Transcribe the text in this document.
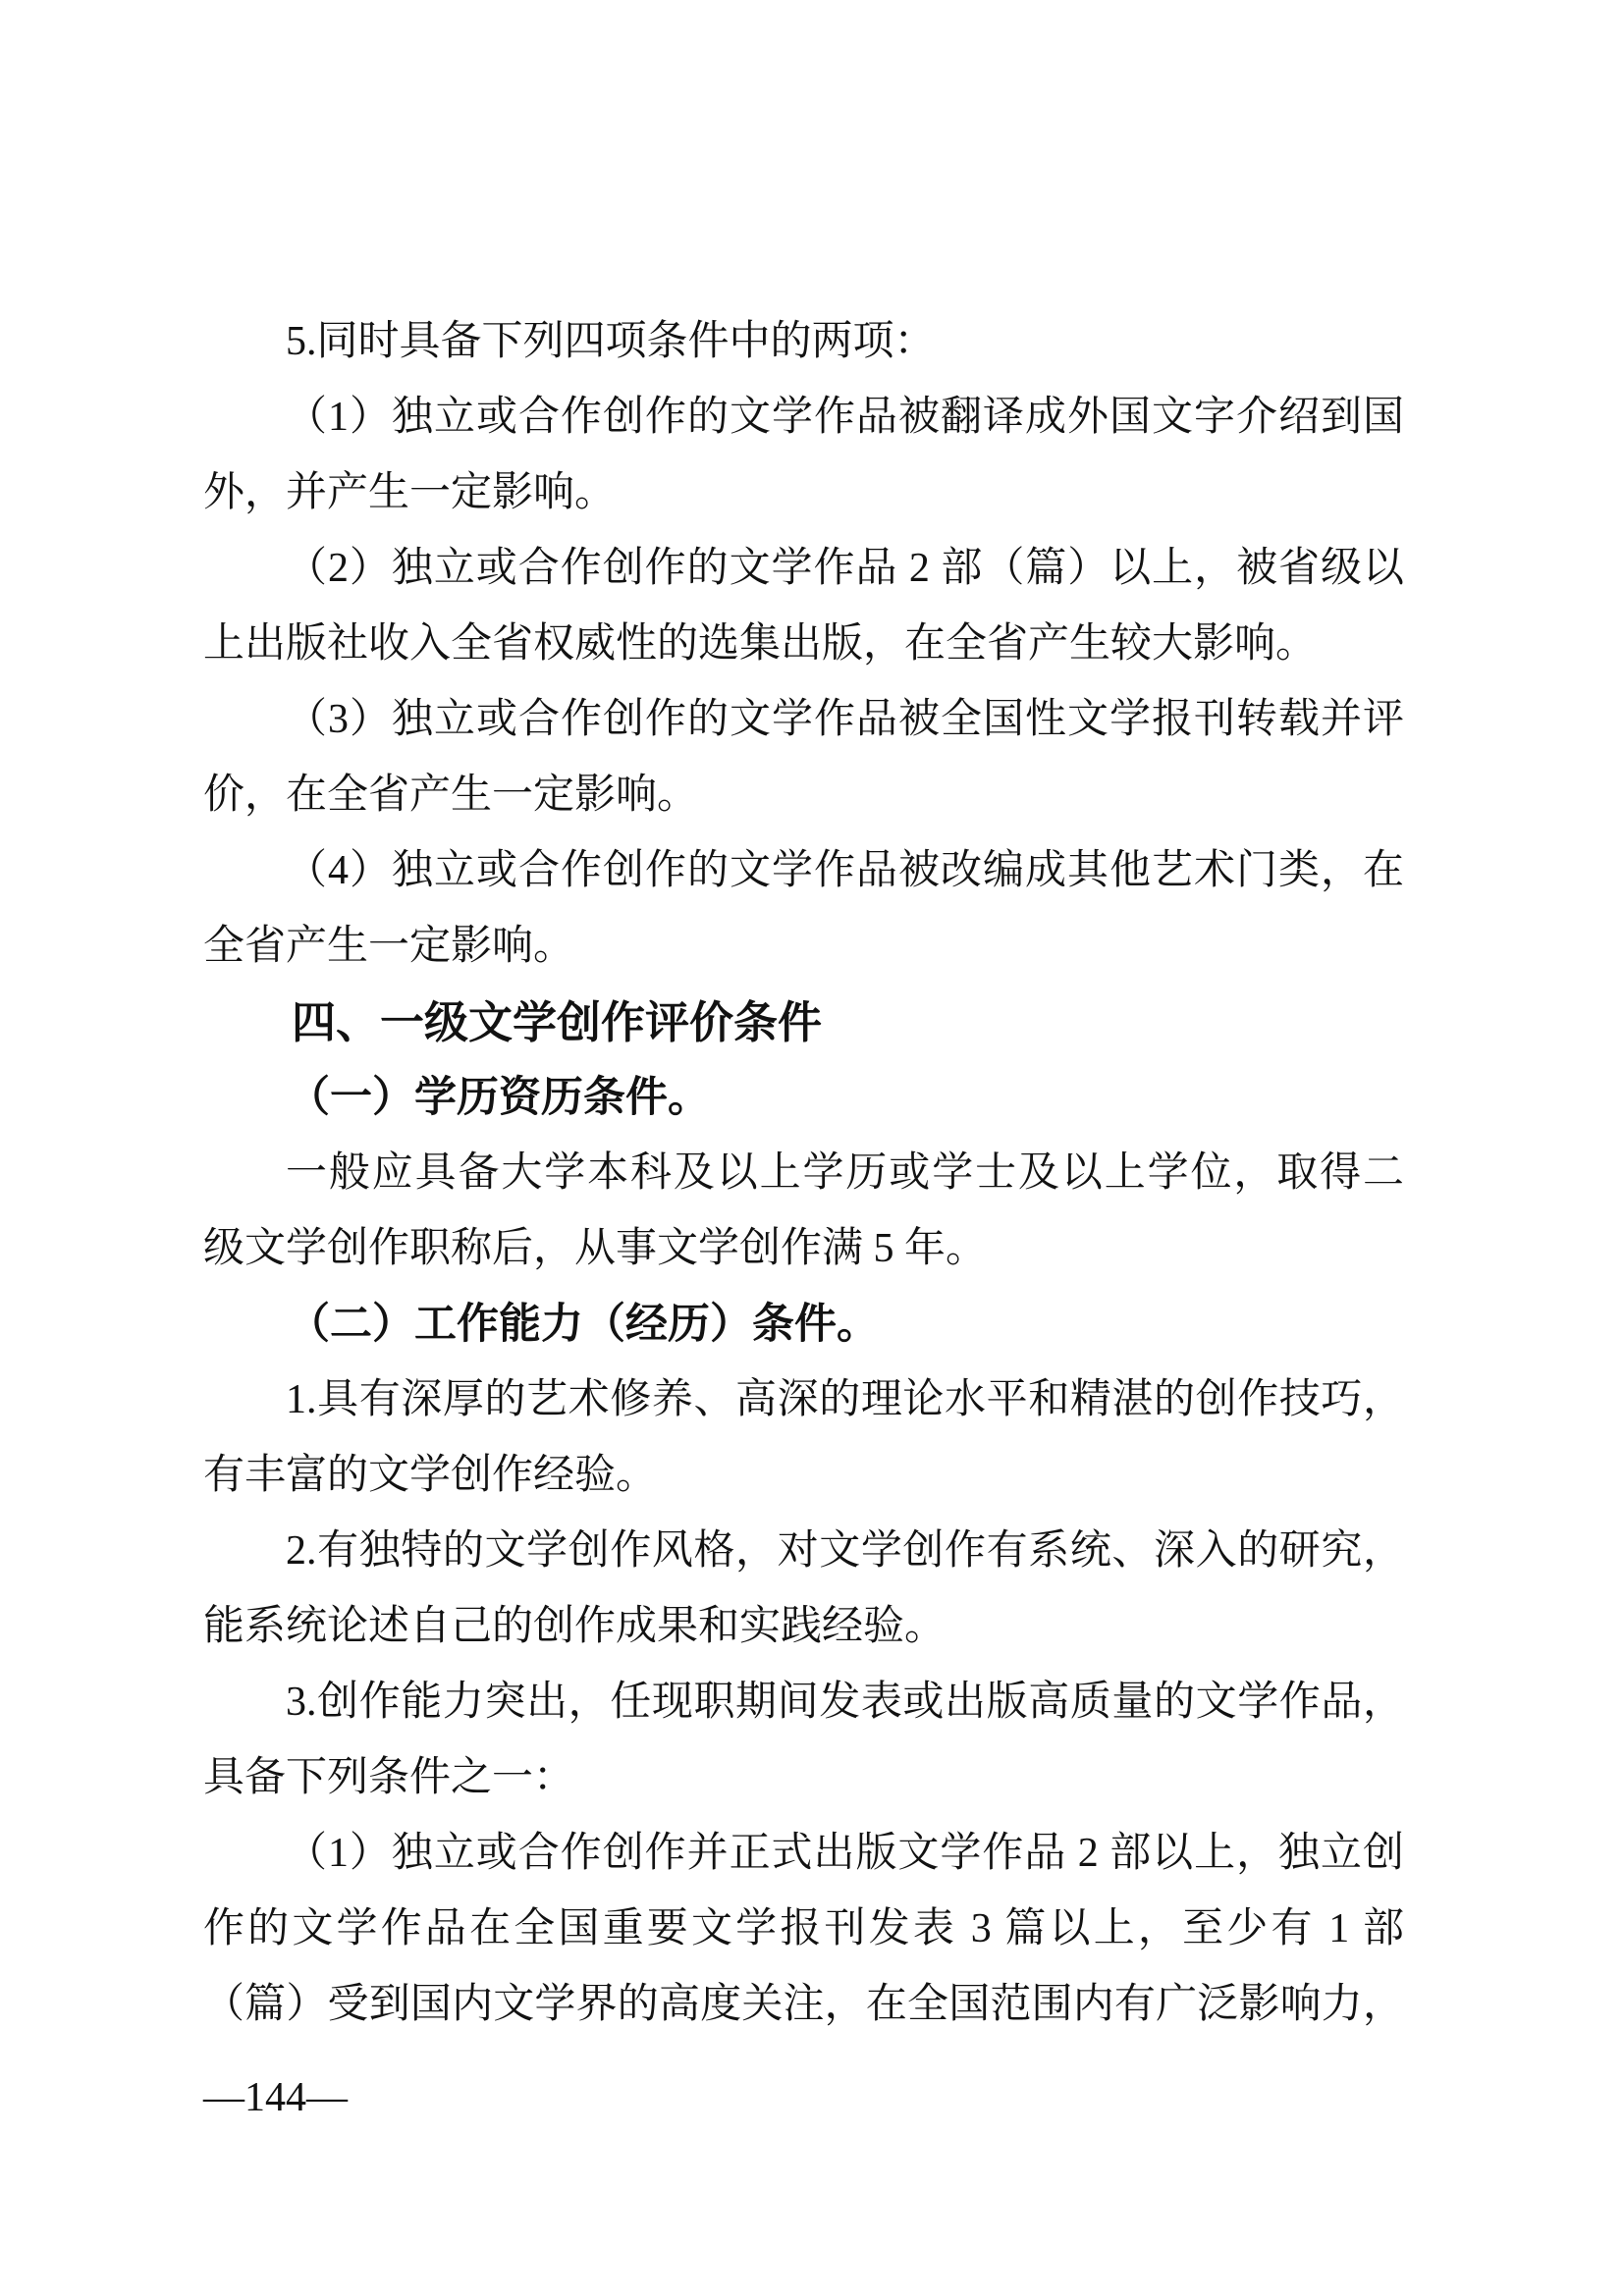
5.同时具备下列四项条件中的两项：
（1）独立或合作创作的文学作品被翻译成外国文字介绍到国
外，并产生一定影响。
（2）独立或合作创作的文学作品 2 部（篇）以上，被省级以
上出版社收入全省权威性的选集出版，在全省产生较大影响。
（3）独立或合作创作的文学作品被全国性文学报刊转载并评
价，在全省产生一定影响。
（4）独立或合作创作的文学作品被改编成其他艺术门类，在
全省产生一定影响。
四、一级文学创作评价条件
（一）学历资历条件。
一般应具备大学本科及以上学历或学士及以上学位，取得二
级文学创作职称后，从事文学创作满 5 年。
（二）工作能力（经历）条件。
1.具有深厚的艺术修养、高深的理论水平和精湛的创作技巧，
有丰富的文学创作经验。
2.有独特的文学创作风格，对文学创作有系统、深入的研究，
能系统论述自己的创作成果和实践经验。
3.创作能力突出，任现职期间发表或出版高质量的文学作品，
具备下列条件之一：
（1）独立或合作创作并正式出版文学作品 2 部以上，独立创
作的文学作品在全国重要文学报刊发表 3 篇以上，至少有 1 部
（篇）受到国内文学界的高度关注，在全国范围内有广泛影响力，
—144—
